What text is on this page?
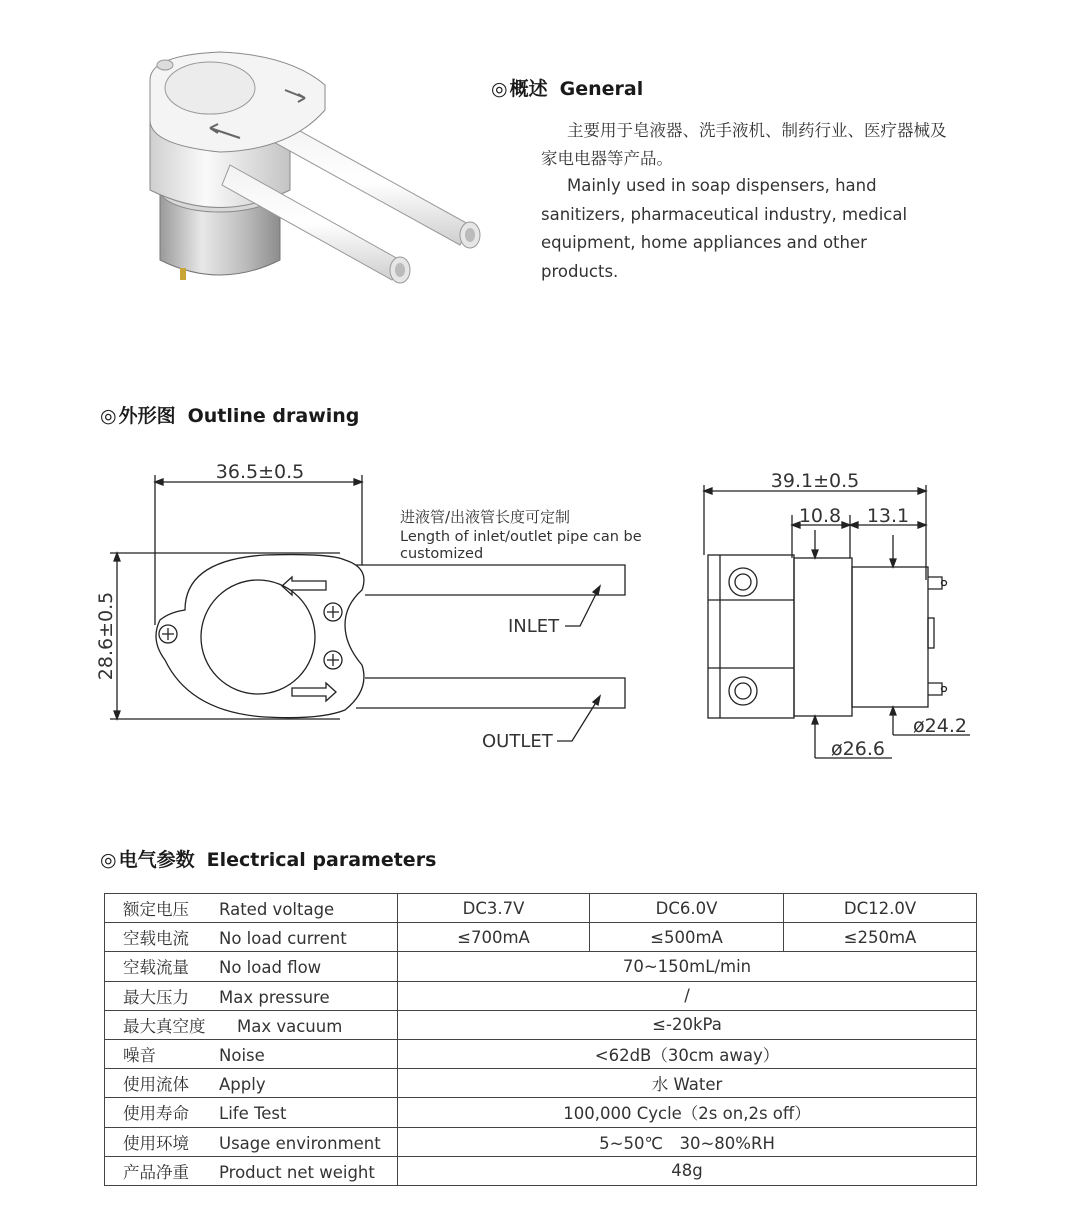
◎ 概述 General
主要用于皂液器、洗手液机、制药行业、医疗器械及家电电器等产品。
Mainly used in soap dispensers, hand sanitizers, pharmaceutical industry, medical equipment, home appliances and other products.
◎ 外形图 Outline drawing
36.5±0.5
28.6±0.5
进液管/出液管长度可定制
Length of inlet/outlet pipe can be
customized
INLET
OUTLET
39.1±0.5
10.8 13.1
ø26.6
ø24.2
◎ 电气参数 Electrical parameters
额定电压 Rated voltage	DC3.7V	DC6.0V	DC12.0V
空载电流 No load current	≤700mA	≤500mA	≤250mA
空载流量 No load flow	70~150mL/min		
最大压力 Max pressure	/		
最大真空度 Max vacuum	≤-20kPa		
噪音 Noise	<62dB（30cm away）		
使用流体 Apply	水 Water		
使用寿命 Life Test	100,000 Cycle（2s on,2s off）		
使用环境 Usage environment	5~50℃　30~80%RH		
产品净重 Product net weight	48g		
